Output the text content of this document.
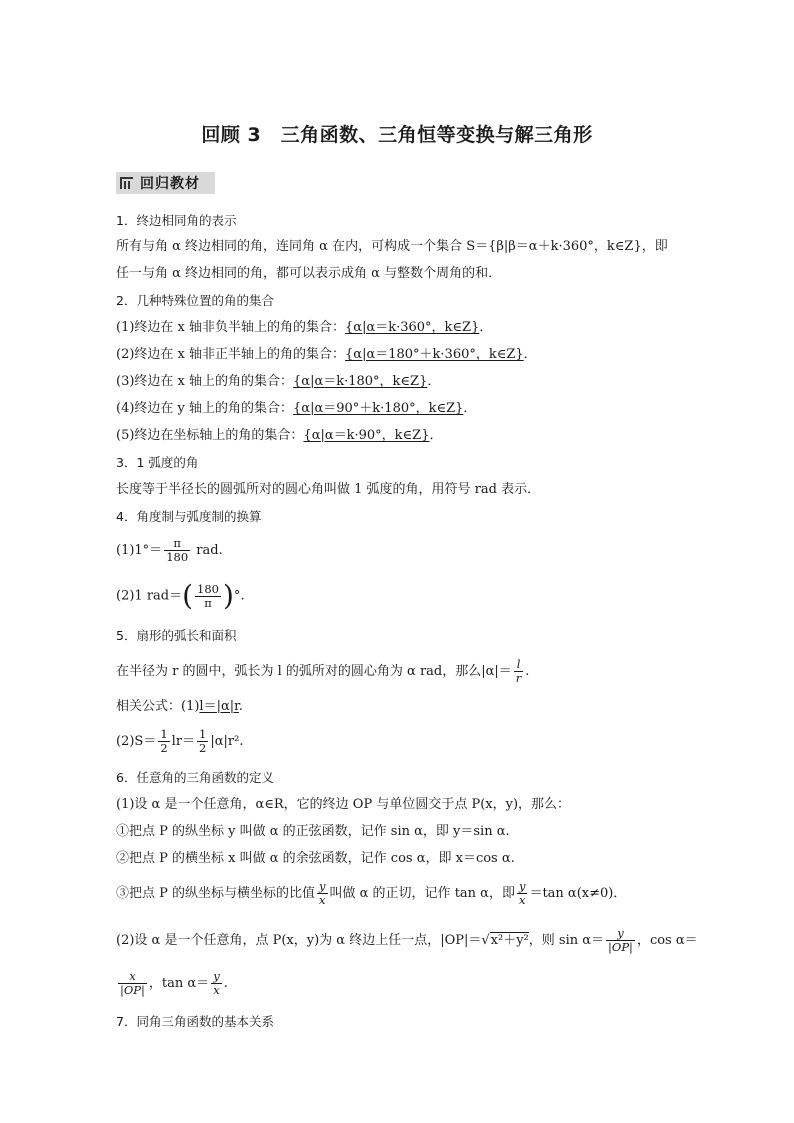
回顾 3　三角函数、三角恒等变换与解三角形
回归教材
1．终边相同角的表示
所有与角 α 终边相同的角，连同角 α 在内，可构成一个集合 S＝{β|β＝α＋k·360°，k∈Z}，即
任一与角 α 终边相同的角，都可以表示成角 α 与整数个周角的和．
2．几种特殊位置的角的集合
(1)终边在 x 轴非负半轴上的角的集合：{α|α＝k·360°，k∈Z}．
(2)终边在 x 轴非正半轴上的角的集合：{α|α＝180°＋k·360°，k∈Z}．
(3)终边在 x 轴上的角的集合：{α|α＝k·180°，k∈Z}．
(4)终边在 y 轴上的角的集合：{α|α＝90°＋k·180°，k∈Z}．
(5)终边在坐标轴上的角的集合：{α|α＝k·90°，k∈Z}．
3．1 弧度的角
长度等于半径长的圆弧所对的圆心角叫做 1 弧度的角，用符号 rad 表示．
4．角度制与弧度制的换算
$(1)1^\circ= \frac{\pi}{180}$ rad.
(2)1 $rad=( \frac{180}{\pi}$ )°.
5．扇形的弧长和面积
在半径为 r 的圆中，弧长为 l 的弧所对的圆心角为 α rad，那么$|\alpha|= \frac{l}{r}$ .
相关公式：(1)l＝|α|r.
$(2)S= \frac{1}{2} lr= \frac{1}{2} |\alpha|r^2$.
6．任意角的三角函数的定义
(1)设 α 是一个任意角，α∈R，它的终边 OP 与单位圆交于点 P(x，y)，那么：
①把点 P 的纵坐标 y 叫做 α 的正弦函数，记作 sin α，即 y＝sin α.
②把点 P 的横坐标 x 叫做 α 的余弦函数，记作 cos α，即 x＝cos α.
③把点 P 的纵坐标与横坐标的比值 $\frac{y}{x}$ 叫做 α 的正切，记作 tan α，即 $\frac{y}{x} =\tan$ α(x≠0)．
(2)设 α 是一个任意角，点 P(x，y)为 α 终边上任一点，|OP|＝√x²＋y²，则 $\sin \alpha= \frac{y}{|OP|}$ ，cos α＝
$\frac{x}{|OP|}$ ，$\tan \alpha= \frac{y}{x}$ .
7．同角三角函数的基本关系
